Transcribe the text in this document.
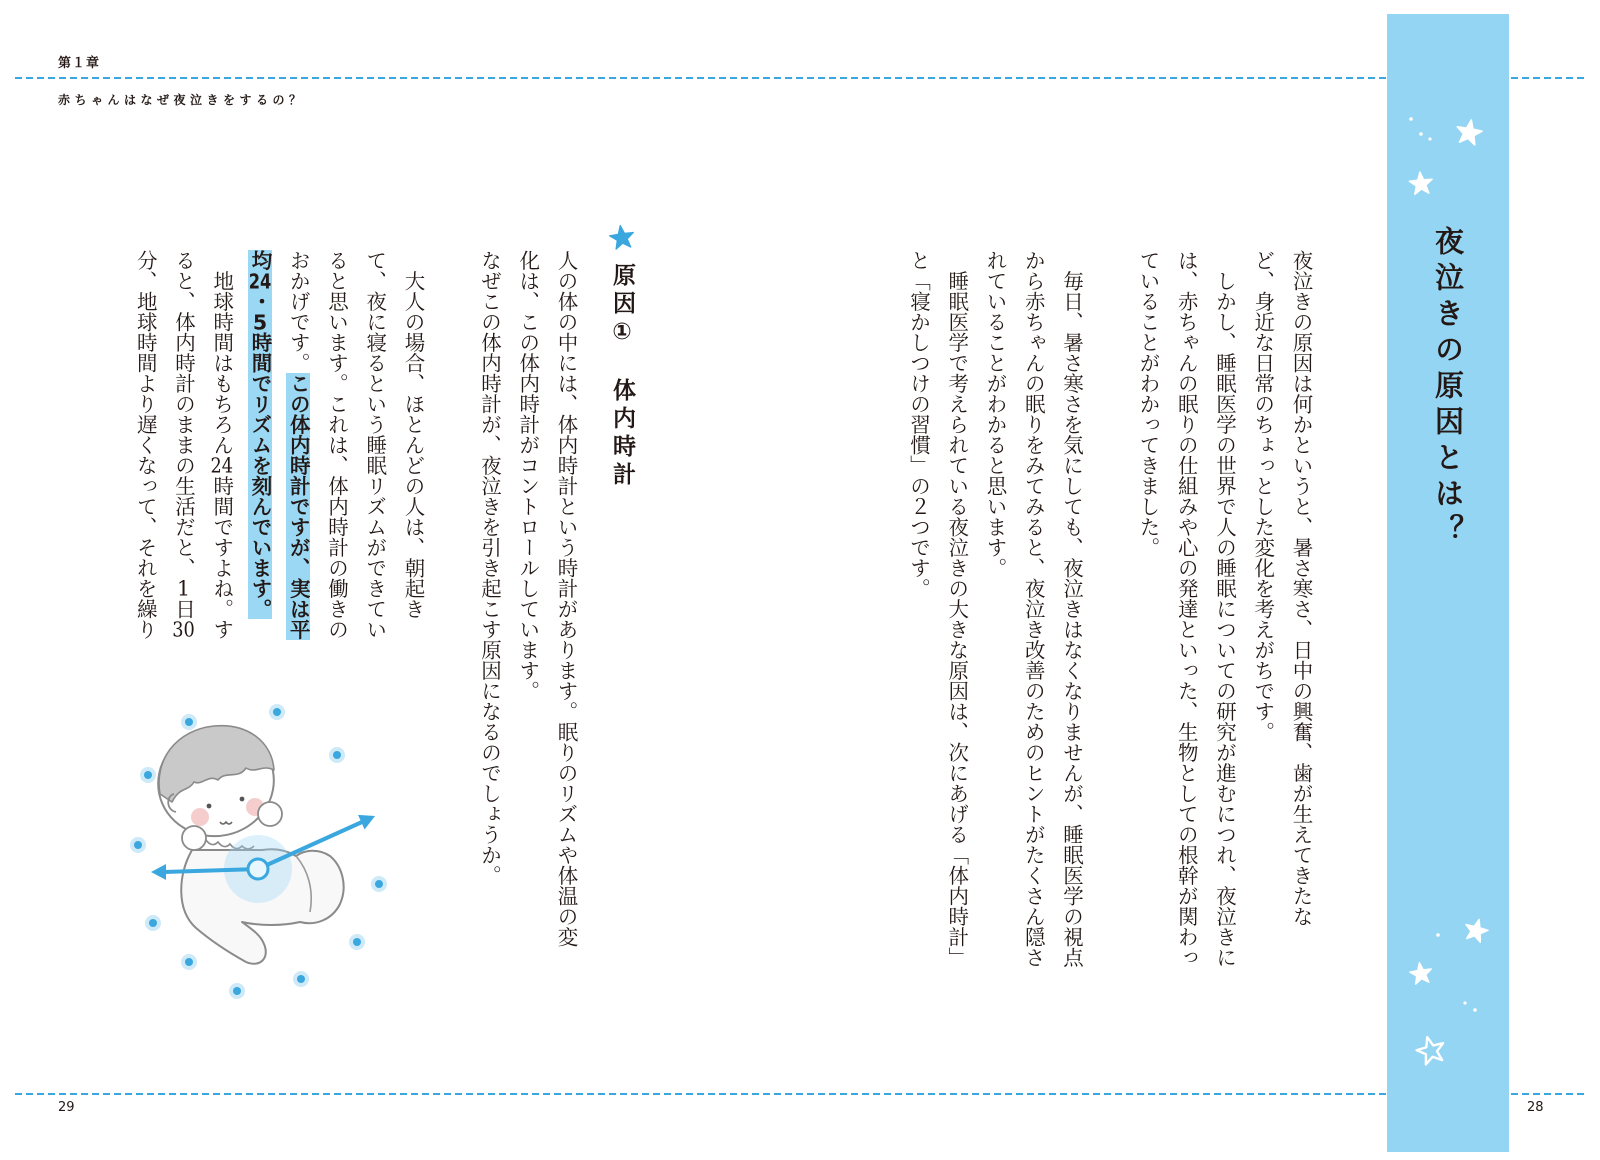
第１章
赤ちゃんはなぜ夜泣きをするの？
原因①体内時計
人の体の中には、体内時計という時計があります。眠りのリズムや体温の変
化は、この体内時計がコントロールしています。
なぜこの体内時計が、夜泣きを引き起こす原因になるのでしょうか。
　大人の場合、ほとんどの人は、朝起き
て、夜に寝るという睡眠リズムができてい
ると思います。これは、体内時計の働きの
おかげです。この体内時計ですが、実は平
均24・5時間でリズムを刻んでいます。
　地球時間はもちろん24時間ですよね。す
ると、体内時計のままの生活だと、1日30
分、地球時間より遅くなって、それを繰り	夜泣きの原因は何かというと、暑さ寒さ、日中の興奮、歯が生えてきたな
ど、身近な日常のちょっとした変化を考えがちです。
　しかし、睡眠医学の世界で人の睡眠についての研究が進むにつれ、夜泣きに
は、赤ちゃんの眠りの仕組みや心の発達といった、生物としての根幹が関わっ
ていることがわかってきました。
　毎日、暑さ寒さを気にしても、夜泣きはなくなりませんが、睡眠医学の視点
から赤ちゃんの眠りをみてみると、夜泣き改善のためのヒントがたくさん隠さ
れていることがわかると思います。
　睡眠医学で考えられている夜泣きの大きな原因は、次にあげる「体内時計」
と「寝かしつけの習慣」の２つです。	夜泣きの原因とは？
29	28
